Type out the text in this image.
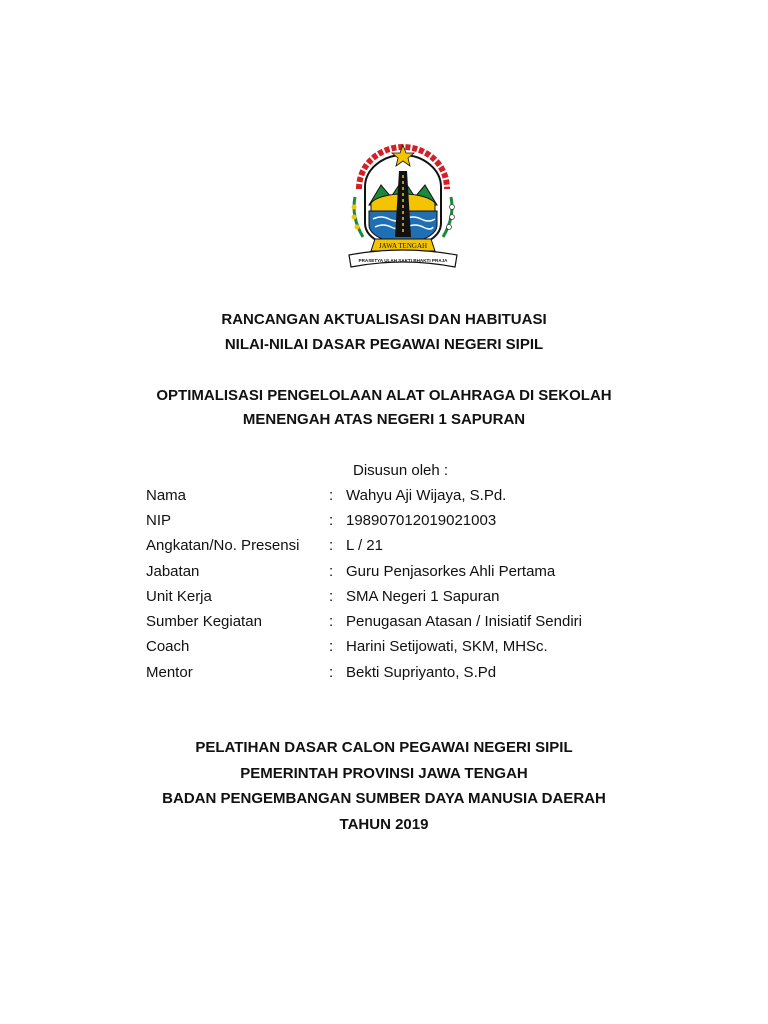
JAWA TENGAH
PRASETYA ULAH SAKTI BHAKTI PRAJA
RANCANGAN AKTUALISASI DAN HABITUASI
NILAI-NILAI DASAR PEGAWAI NEGERI SIPIL
OPTIMALISASI PENGELOLAAN ALAT OLAHRAGA DI SEKOLAH
MENENGAH ATAS NEGERI 1 SAPURAN
Disusun oleh :
Nama	: Wahyu Aji Wijaya, S.Pd.
NIP	: 198907012019021003
Angkatan/No. Presensi : L / 21
Jabatan	: Guru Penjasorkes Ahli Pertama
Unit Kerja	: SMA Negeri 1 Sapuran
Sumber Kegiatan	: Penugasan Atasan / Inisiatif Sendiri
Coach	: Harini Setijowati, SKM, MHSc.
Mentor	: Bekti Supriyanto, S.Pd
PELATIHAN DASAR CALON PEGAWAI NEGERI SIPIL
PEMERINTAH PROVINSI JAWA TENGAH
BADAN PENGEMBANGAN SUMBER DAYA MANUSIA DAERAH
TAHUN 2019
